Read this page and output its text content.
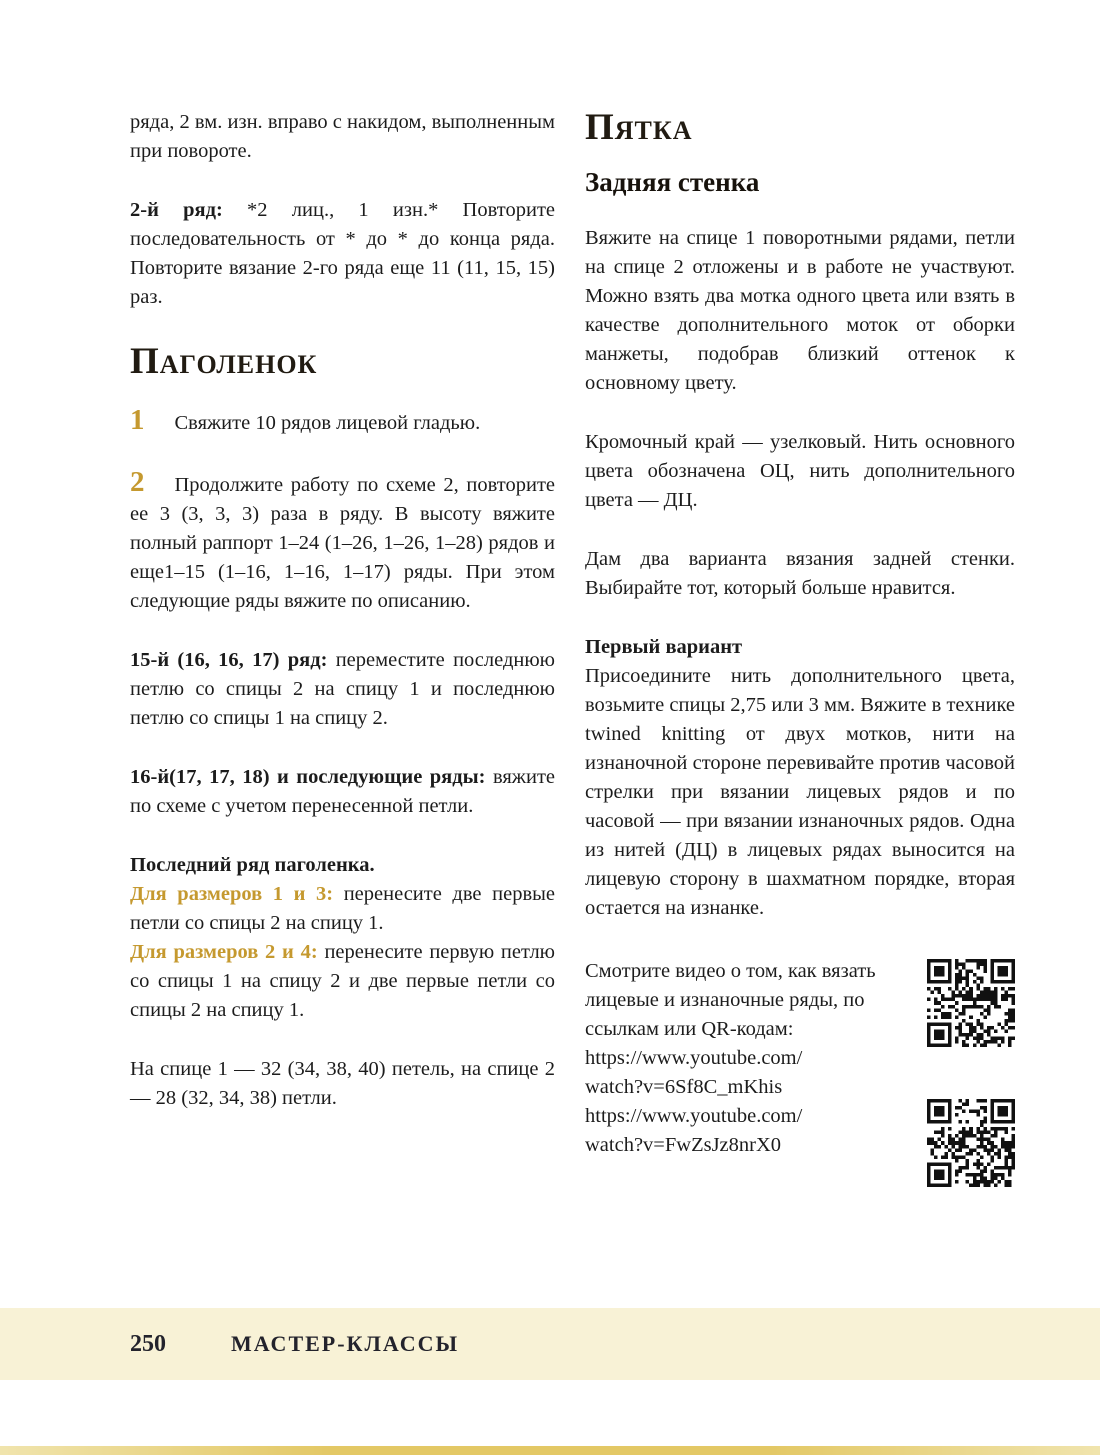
ряда, 2 вм. изн. вправо с накидом, выполненным при повороте.

2-й ряд: *2 лиц., 1 изн.* Повторите последовательность от * до * до конца ряда. Повторите вязание 2-го ряда еще 11 (11, 15, 15) раз.

Паголенок

1 Свяжите 10 рядов лицевой гладью.

2 Продолжите работу по схеме 2, повторите ее 3 (3, 3, 3) раза в ряду. В высоту вяжите полный раппорт 1–24 (1–26, 1–26, 1–28) рядов и еще1–15 (1–16, 1–16, 1–17) ряды. При этом следующие ряды вяжите по описанию.

15-й (16, 16, 17) ряд: переместите последнюю петлю со спицы 2 на спицу 1 и последнюю петлю со спицы 1 на спицу 2.

16-й(17, 17, 18) и последующие ряды: вяжите по схеме с учетом перенесенной петли.

Последний ряд паголенка.
Для размеров 1 и 3: перенесите две первые петли со спицы 2 на спицу 1.
Для размеров 2 и 4: перенесите первую петлю со спицы 1 на спицу 2 и две первые петли со спицы 2 на спицу 1.

На спице 1 — 32 (34, 38, 40) петель, на спице 2 — 28 (32, 34, 38) петли.

Пятка
Задняя стенка

Вяжите на спице 1 поворотными рядами, петли на спице 2 отложены и в работе не участвуют. Можно взять два мотка одного цвета или взять в качестве дополнительного моток от оборки манжеты, подобрав близкий оттенок к основному цвету.

Кромочный край — узелковый. Нить основного цвета обозначена ОЦ, нить дополнительного цвета — ДЦ.

Дам два варианта вязания задней стенки. Выбирайте тот, который больше нравится.

Первый вариант
Присоедините нить дополнительного цвета, возьмите спицы 2,75 или 3 мм. Вяжите в технике twined knitting от двух мотков, нити на изнаночной стороне перевивайте против часовой стрелки при вязании лицевых рядов и по часовой — при вязании изнаночных рядов. Одна из нитей (ДЦ) в лицевых рядах выносится на лицевую сторону в шахматном порядке, вторая остается на изнанке.

Смотрите видео о том, как вязать лицевые и изнаночные ряды, по ссылкам или QR-кодам:

https://www.youtube.com/
watch?v=6Sf8C_mKhis
https://www.youtube.com/
watch?v=FwZsJz8nrX0
250	МАСТЕР-КЛАССЫ
